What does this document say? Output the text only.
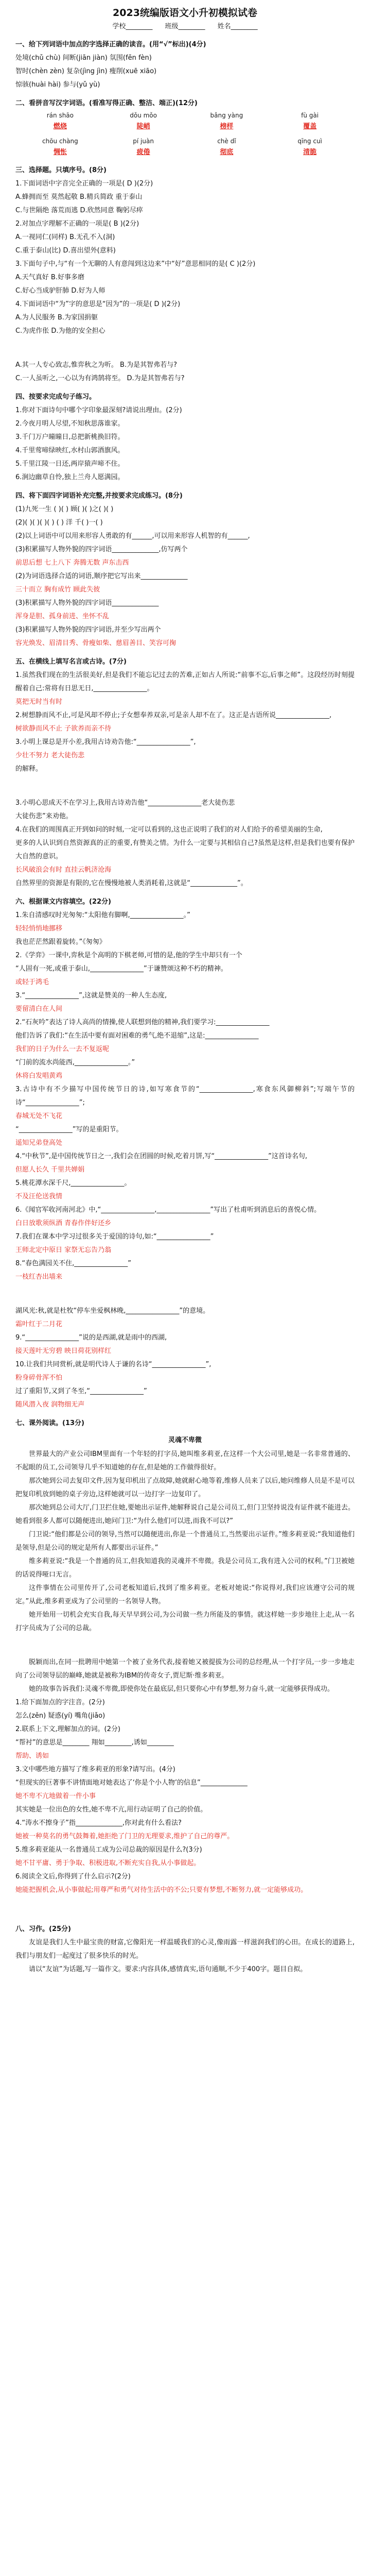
2023统编版语文小升初模拟试卷
学校________ 班级________ 姓名________
一、给下列词语中加点的字选择正确的读音。(用“√”标出)(4分)
处境(chǔ chù) 间断(jiān jiàn) 氛围(fēn fèn)
智时(chèn zèn) 复杂(jìng jìn) 瘦削(xuē xiāo)
惊骇(huài hài) 参与(yǔ yù)
二、看拼音写汉字词语。(看准写得正确、整洁、端正)(12分)
rán shāo	dǒu mǒo	bǎng yàng	fù gài
燃烧	陡峭	榜样	覆盖
chōu chàng	pí juàn	chè dǐ	qīng cuì
惆怅	疲倦	彻底	清脆
三、选择题。只填序号。(8分)
1.下面词语中字音完全正确的一项是( D )(2分)
A.蜂拥而至 莫然起敬 B.精兵简政 重于泰山
C.与世隔绝 落荒而逃 D.欣然同意 鞠躬尽瘁
2.对加点字理解不正确的一项是( B )(2分)
A.一视同仁(同样) B.无孔不入(洞)
C.重于泰山(比) D.喜出望外(意料)
3.下面句子中,与“有一个无聊的人有意闯到这边来”中“好”意思相同的是( C )(2分)
A.天气真好 B.好事多磨
C.好心当成驴肝肺 D.好为人师
4.下面词语中“为”字的意思是“因为”的一项是( D )(2分)
A.为人民服务 B.为家国捐躯
C.为虎作伥 D.为他的安全担心
A.其一人专心致志,惟弈秋之为听。 B.为是其智弗若与?
C.一人虽听之,一心以为有鸿鹄将至。 D.为是其智弗若与?
四、按要求完成句子练习。
1.你对下面诗句中哪个字印象最深刻?请说出理由。(2分)
2.今夜月明人尽望,不知秋思落谁家。
3.千门万户曈曈日,总把新桃换旧符。
4.千里莺啼绿映红,水村山郭酒旗风。
5.千里江陵一日还,两岸猿声啼不住。
6.涧边幽草自怜,独上兰舟人愿满园。
四、将下面四字词语补充完整,并按要求完成练习。(8分)
(1)九死一生 ( )( ) 顾( )( )之( )( )
(2)( )( )( )( ) ( ) 洋 千( )一( )
(2)以上词语中可以用来形容人勇敢的有______,可以用来形容人机智的有______,
(3)积累描写人物外貌的四字词语______________,仿写两个
前思后想 七上八下 奔腾无数 声东击西
(2)为词语选择合适的词语,顺序把它写出来______________
三十而立 胸有成竹 顾此失彼
(3)积累描写人物外貌的四字词语______________
浑身是胆、孤身前进、坐怀不乱
(3)积累描写人物外貌的四字词语,并至少写出两个
容光焕发、眉清目秀、骨瘦如柴、慈眉善目、笑容可掬
五、在横线上填写名言或古诗。(7分)
1.虽然我们现在的生活很美好,但是我们不能忘记过去的苦难,正如古人所说:“前事不忘,后事之师”。这段经历时刻提醒着自己:常将有日思无日,________________。
莫把无时当有时
2.树想静而风不止,可是风却不停止;子女想奉养双亲,可是亲人却不在了。这正是古语所说________________,
树欲静而风不止 子欲养而亲不待
3.小明上课总是开小差,我用古诗劝告他:“________________”,
少壮不努力 老大徒伤悲
的解释。
3.小明心思成天不在学习上,我用古诗劝告他“________________老大徒伤悲
大徒伤悲”来劝他。
4.在我们的周围真正开到如问的时刻,一定可以看到的,这也正说明了我们的对人们给予的希望美丽的生命,
更多的人认识到自然资源真的正的重要,有赞美之情。为什么一定要与其相信自己?虽然是这样,但是我们也要有保护大自然的意识。
长风破浪会有时 直挂云帆济沧海
自然界里的资源是有限的,它在慢慢地被人类消耗着,这就是“______________”。
六、根据课文内容填空。(22分)
1.朱自清感叹时光匆匆:“太阳他有脚啊,________________。”
轻轻悄悄地挪移
我也茫茫然跟着旋转。”《匆匆》
2.《学弈》一课中,弈秋是个高明的下棋老师,可惜的是,他的学生中却只有一个
“人固有一死,或重于泰山,________________”于谦赞颂这种不朽的精神。
或轻于鸿毛
3.“________________”,这就是赞美的一种人生态度,
要留清白在人间
2.“石灰吟”表达了诗人高尚的情操,使人联想到他的精神,我们要学习:________________
他们告诉了我们:“在生活中要有面对困难的勇气,绝不退缩”,这是:________________
我们的日子为什么一去不复返呢
“门前的流水尚能西,________________。”
休将白发唱黄鸡
3.古诗中有不少描写中国传统节日的诗,如写寒食节的“________________,寒食东风御柳斜”;写端午节的诗“________________”;
春城无处不飞花
“________________”写的是重阳节。
遥知兄弟登高处
4.“中秋节”,是中国传统节日之一,我们会在团圆的时候,吃着月饼,写“________________”这首诗名句,
但愿人长久 千里共婵娟
5.桃花潭水深千尺,________________。
不及汪伦送我情
6.《闻官军收河南河北》中,“________________,________________”写出了杜甫听到消息后的喜悦心情。
白日放歌须纵酒 青春作伴好还乡
7.我们在课本中学习过很多关于爱国的诗句,如:“________________”
王师北定中原日 家祭无忘告乃翁
8.“春色满园关不住,________________”
一枝红杏出墙来
湖风光:秋,就是杜牧“停车坐爱枫林晚,________________”的意境。
霜叶红于二月花
9.“________________”说的是西湖,就是雨中的西湖,
接天莲叶无穷碧 映日荷花别样红
10.让我们共同赏析,就是明代诗人于谦的名诗“________________”,
粉身碎骨浑不怕
过了重阳节,又到了冬至,“________________”
随风潜入夜 润物细无声
七、课外阅读。(13分)
灵魂不卑微
世界最大的产业公司IBM里面有一个年轻的打字员,她叫维多莉亚,在这样一个大公司里,她是一名非常普通的、不起眼的员工,公司领导几乎不知道她的存在,但是她的工作做得很好。
那次她到公司去复印文件,因为复印机出了点故障,她就耐心地等着,维修人员来了以后,她问维修人员是不是可以把复印机放到她的桌子旁边,这样她就可以一边打字一边复印了。
那次她到总公司大厅,门卫拦住她,要她出示证件,她解释说自己是公司员工,但门卫坚持说没有证件就不能进去。她看到很多人都可以随便进出,她问门卫:“为什么他们可以进,而我不可以?”
门卫说:“他们都是公司的领导,当然可以随便进出,你是一个普通员工,当然要出示证件。”维多莉亚说:“我知道他们是领导,但是公司的规定是所有人都要出示证件。”
维多莉亚说:“我是一个普通的员工,但我知道我的灵魂并不卑微。我是公司员工,我有进入公司的权利。”门卫被她的话说得哑口无言。
这件事情在公司里传开了,公司老板知道后,找到了维多莉亚。老板对她说:“你说得对,我们应该遵守公司的规定。”从此,维多莉亚成为了公司里的一名领导人物。
她开始用一切机会充实自我,每天早早到公司,为公司做一些力所能及的事情。就这样她一步步地往上走,从一名打字员成为了公司的总裁。
脱颖而出,在同一批聘用中她第一个被了业务代表,接着她又被提拔为公司的总经理,从一个打字员,一步一步地走向了公司领导层的巅峰,她就是被称为IBM的传奇女子,贾尼斯·维多莉亚。
她的故事告诉我们:灵魂不卑微,即使你处在最底层,但只要你心中有梦想,努力奋斗,就一定能够获得成功。
1.给下面加点的字注音。(2分)
怎么(zěn) 疑惑(yí) 嘴角(jiǎo)
2.联系上下文,理解加点的词。(2分)
“帮衬”的意思是________ 翔如________,诱如________
帮助、诱如
3.文中哪些地方描写了维多莉亚的形象?请写出。(4分)
“但现实的巨著事不讲情面地对她表达了‘你是个小人物’的信息”______________
她不卑不亢地做着一件小事
其实她是一位出色的女性,她不卑不亢,用行动证明了自己的价值。
4.“涛水不擦身子”指______________,你对此有什么看法?
她被一种莫名的勇气鼓舞着,她拒绝了门卫的无理要求,维护了自己的尊严。
5.维多莉亚能从一名普通员工成为公司总裁的原因是什么?(3分)
她不甘平庸、勇于争取、积极进取,不断充实自我,从小事做起。
6.阅读全文后,你得到了什么启示?(2分)
她能把握机会,从小事做起;用尊严和勇气对待生活中的不公;只要有梦想,不断努力,就一定能够成功。
八、习作。(25分)
友谊是我们人生中最宝贵的财富,它像阳光一样温暖我们的心灵,像雨露一样滋润我们的心田。在成长的道路上,我们与朋友们一起度过了很多快乐的时光。
请以“友谊”为话题,写一篇作文。要求:内容具体,感情真实,语句通顺,不少于400字。题目自拟。
